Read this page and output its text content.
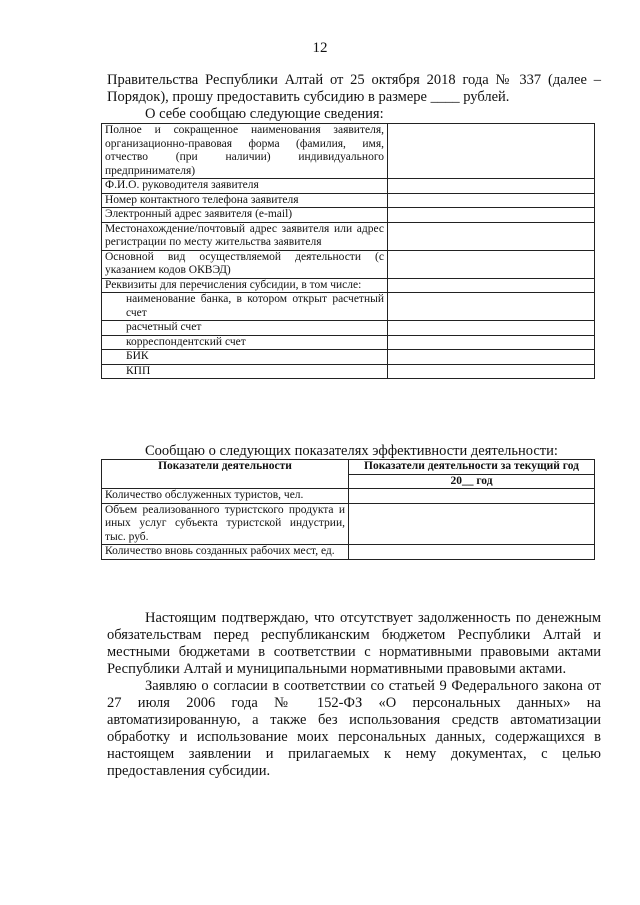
12

Правительства Республики Алтай от 25 октября 2018 года № 337 (далее – Порядок), прошу предоставить субсидию в размере ____ рублей.

О себе сообщаю следующие сведения:

Полное и сокращенное наименования заявителя, организационно-правовая форма (фамилия, имя, отчество (при наличии) индивидуального предпринимателя)	
Ф.И.О. руководителя заявителя	
Номер контактного телефона заявителя	
Электронный адрес заявителя (e-mail)	
Местонахождение/почтовый адрес заявителя или адрес регистрации по месту жительства заявителя	
Основной вид осуществляемой деятельности (с указанием кодов ОКВЭД)	
Реквизиты для перечисления субсидии, в том числе:	
наименование банка, в котором открыт расчетный счет	
расчетный счет	
корреспондентский счет	
БИК	
КПП	
Сообщаю о следующих показателях эффективности деятельности:
Показатели деятельности	Показатели деятельности за текущий год
	20__ год
Количество обслуженных туристов, чел.	
Объем реализованного туристского продукта и иных услуг субъекта туристской индустрии, тыс. руб.	
Количество вновь созданных рабочих мест, ед.	

Настоящим подтверждаю, что отсутствует задолженность по денежным обязательствам перед республиканским бюджетом Республики Алтай и местными бюджетами в соответствии с нормативными правовыми актами Республики Алтай и муниципальными нормативными правовыми актами.

Заявляю о согласии в соответствии со статьей 9 Федерального закона от 27 июля 2006 года № 152-ФЗ «О персональных данных» на автоматизированную, а также без использования средств автоматизации обработку и использование моих персональных данных, содержащихся в настоящем заявлении и прилагаемых к нему документах, с целью предоставления субсидии.
